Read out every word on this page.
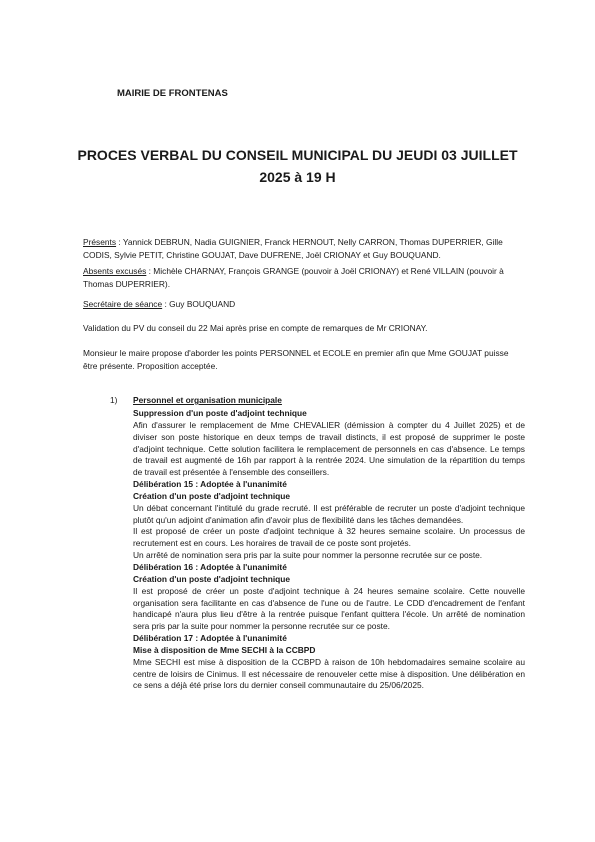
MAIRIE DE FRONTENAS
PROCES VERBAL DU CONSEIL MUNICIPAL DU JEUDI 03 JUILLET
2025 à 19 H

Présents : Yannick DEBRUN, Nadia GUIGNIER, Franck HERNOUT, Nelly CARRON, Thomas DUPERRIER, Gille CODIS, Sylvie PETIT, Christine GOUJAT, Dave DUFRENE, Joël CRIONAY et Guy BOUQUAND.

Absents excusés : Michèle CHARNAY, François GRANGE (pouvoir à Joël CRIONAY) et René VILLAIN (pouvoir à Thomas DUPERRIER).

Secrétaire de séance : Guy BOUQUAND

Validation du PV du conseil du 22 Mai après prise en compte de remarques de Mr CRIONAY.

Monsieur le maire propose d'aborder les points PERSONNEL et ECOLE en premier afin que Mme GOUJAT puisse être présente. Proposition acceptée.

1) Personnel et organisation municipale

Suppression d'un poste d'adjoint technique

Afin d'assurer le remplacement de Mme CHEVALIER (démission à compter du 4 Juillet 2025) et de diviser son poste historique en deux temps de travail distincts, il est proposé de supprimer le poste d'adjoint technique. Cette solution facilitera le remplacement de personnels en cas d'absence. Le temps de travail est augmenté de 16h par rapport à la rentrée 2024. Une simulation de la répartition du temps de travail est présentée à l'ensemble des conseillers.

Délibération 15 : Adoptée à l'unanimité

Création d'un poste d'adjoint technique

Un débat concernant l'intitulé du grade recruté. Il est préférable de recruter un poste d'adjoint technique plutôt qu'un adjoint d'animation afin d'avoir plus de flexibilité dans les tâches demandées.

Il est proposé de créer un poste d'adjoint technique à 32 heures semaine scolaire. Un processus de recrutement est en cours. Les horaires de travail de ce poste sont projetés.

Un arrêté de nomination sera pris par la suite pour nommer la personne recrutée sur ce poste.

Délibération 16 : Adoptée à l'unanimité

Création d'un poste d'adjoint technique

Il est proposé de créer un poste d'adjoint technique à 24 heures semaine scolaire. Cette nouvelle organisation sera facilitante en cas d'absence de l'une ou de l'autre. Le CDD d'encadrement de l'enfant handicapé n'aura plus lieu d'être à la rentrée puisque l'enfant quittera l'école. Un arrêté de nomination sera pris par la suite pour nommer la personne recrutée sur ce poste.

Délibération 17 : Adoptée à l'unanimité

Mise à disposition de Mme SECHI à la CCBPD

Mme SECHI est mise à disposition de la CCBPD à raison de 10h hebdomadaires semaine scolaire au centre de loisirs de Cinimus. Il est nécessaire de renouveler cette mise à disposition. Une délibération en ce sens a déjà été prise lors du dernier conseil communautaire du 25/06/2025.
